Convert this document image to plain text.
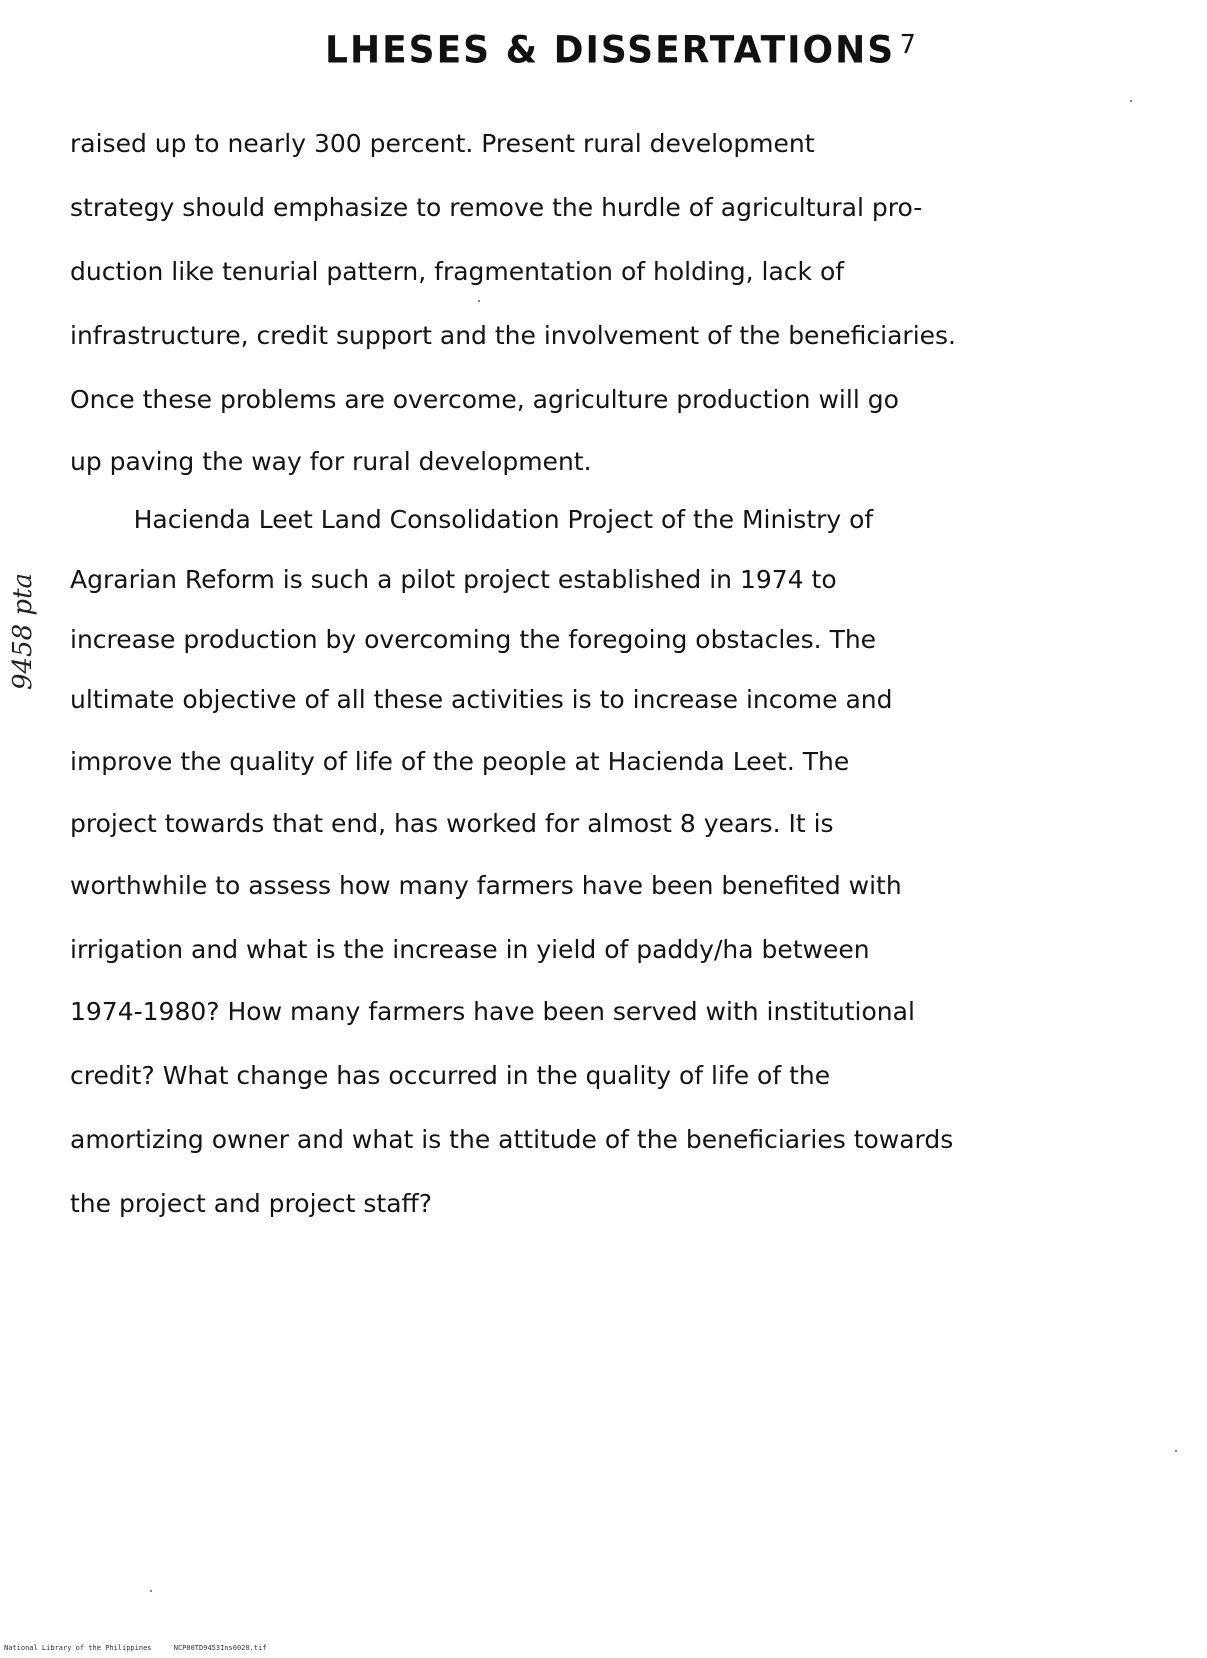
LHESES & DISSERTATIONS 7
9458 pta
raised up to nearly 300 percent. Present rural development
strategy should emphasize to remove the hurdle of agricultural pro-
duction like tenurial pattern, fragmentation of holding, lack of
infrastructure, credit support and the involvement of the beneficiaries.
Once these problems are overcome, agriculture production will go
up paving the way for rural development.
Hacienda Leet Land Consolidation Project of the Ministry of
Agrarian Reform is such a pilot project established in 1974 to
increase production by overcoming the foregoing obstacles. The
ultimate objective of all these activities is to increase income and
improve the quality of life of the people at Hacienda Leet. The
project towards that end, has worked for almost 8 years. It is
worthwhile to assess how many farmers have been benefited with
irrigation and what is the increase in yield of paddy/ha between
1974-1980? How many farmers have been served with institutional
credit? What change has occurred in the quality of life of the
amortizing owner and what is the attitude of the beneficiaries towards
the project and project staff?
National Library of the Philippines	NCP00TD9453Ins0020.tif
